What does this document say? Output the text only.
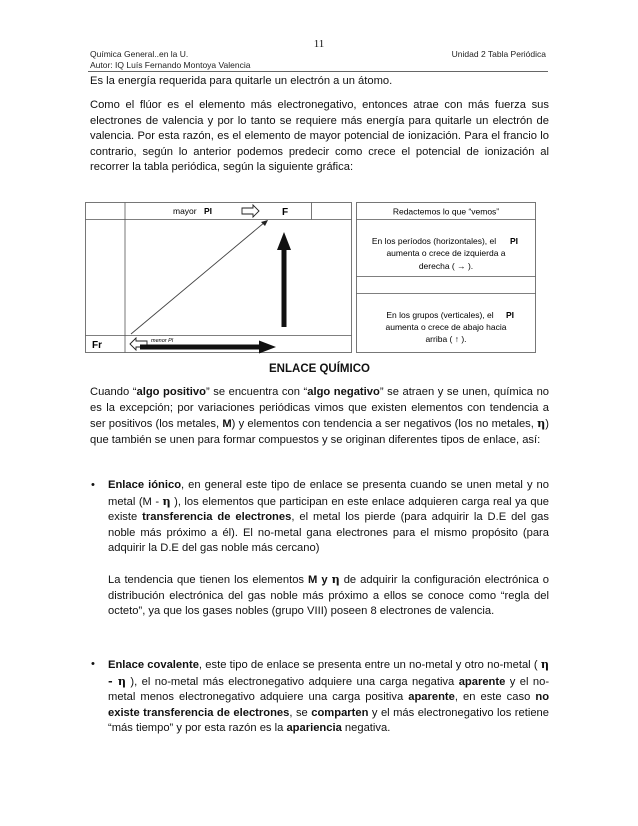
11
Química General..en la U.	Unidad 2 Tabla Periódica
Autor: IQ Luís Fernando Montoya Valencia

Es la energía requerida para quitarle un electrón a un átomo.

Como el flúor es el elemento más electronegativo, entonces atrae con más fuerza sus electrones de valencia y por lo tanto se requiere más energía para quitarle un electrón de valencia. Por esta razón, es el elemento de mayor potencial de ionización. Para el francio lo contrario, según lo anterior podemos predecir como crece el potencial de ionización al recorrer la tabla periódica, según la siguiente gráfica:

mayor PI	F
Fr	menor PI
Redactemos lo que “vemos”
En los períodos (horizontales), el PI
aumenta o crece de izquierda a
derecha ( → ).
En los grupos (verticales), el PI
aumenta o crece de abajo hacia
arriba ( ↑ ).
ENLACE QUÍMICO

Cuando “algo positivo” se encuentra con “algo negativo” se atraen y se unen, química no es la excepción; por variaciones periódicas vimos que existen elementos con tendencia a ser positivos (los metales, M) y elementos con tendencia a ser negativos (los no metales, η) que también se unen para formar compuestos y se originan diferentes tipos de enlace, así:

• Enlace iónico, en general este tipo de enlace se presenta cuando se unen metal y no metal (M - η ), los elementos que participan en este enlace adquieren carga real ya que existe transferencia de electrones, el metal los pierde (para adquirir la D.E del gas noble más próximo a él). El no-metal gana electrones para el mismo propósito (para adquirir la D.E del gas noble más cercano)

La tendencia que tienen los elementos M y η de adquirir la configuración electrónica o distribución electrónica del gas noble más próximo a ellos se conoce como “regla del octeto”, ya que los gases nobles (grupo VIII) poseen 8 electrones de valencia.

• Enlace covalente, este tipo de enlace se presenta entre un no-metal y otro no-metal ( η - η ), el no-metal más electronegativo adquiere una carga negativa aparente y el no-metal menos electronegativo adquiere una carga positiva aparente, en este caso no existe transferencia de electrones, se comparten y el más electronegativo los retiene “más tiempo” y por esta razón es la apariencia negativa.
